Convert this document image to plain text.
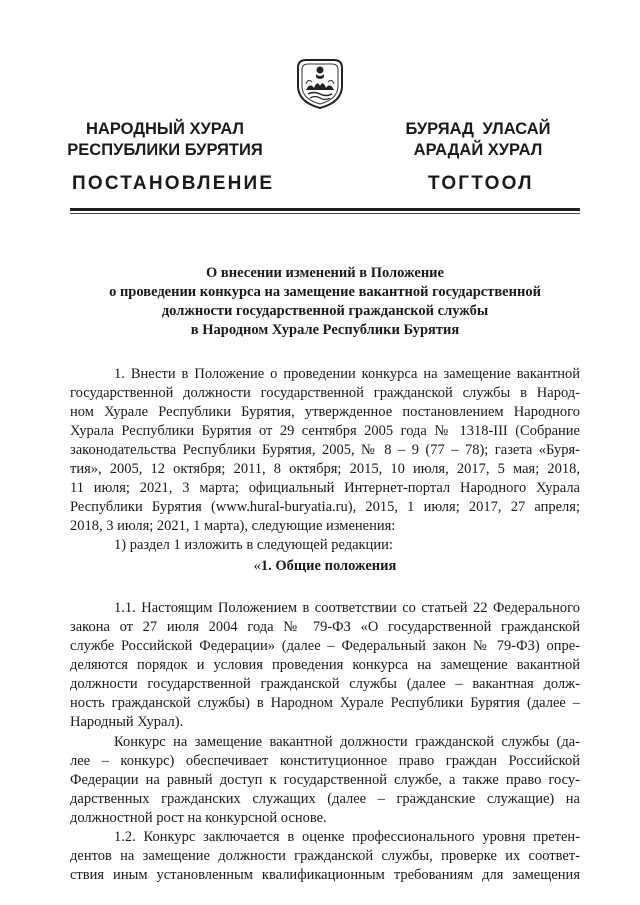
НАРОДНЫЙ ХУРАЛ
РЕСПУБЛИКИ БУРЯТИЯ
БУРЯАД УЛАСАЙ
АРАДАЙ ХУРАЛ
ПОСТАНОВЛЕНИЕ	ТОГТООЛ
О внесении изменений в Положение
о проведении конкурса на замещение вакантной государственной
должности государственной гражданской службы
в Народном Хурале Республики Бурятия
1. Внести в Положение о проведении конкурса на замещение вакантной
государственной должности государственной гражданской службы в Народ-
ном Хурале Республики Бурятия, утвержденное постановлением Народного
Хурала Республики Бурятия от 29 сентября 2005 года № 1318-III (Собрание
законодательства Республики Бурятия, 2005, № 8 – 9 (77 – 78); газета «Буря-
тия», 2005, 12 октября; 2011, 8 октября; 2015, 10 июля, 2017, 5 мая; 2018,
11 июля; 2021, 3 марта; официальный Интернет-портал Народного Хурала
Республики Бурятия (www.hural-buryatia.ru), 2015, 1 июля; 2017, 27 апреля;
2018, 3 июля; 2021, 1 марта), следующие изменения:
1) раздел 1 изложить в следующей редакции:
«1. Общие положения
1.1. Настоящим Положением в соответствии со статьей 22 Федерального
закона от 27 июля 2004 года № 79-ФЗ «О государственной гражданской
службе Российской Федерации» (далее – Федеральный закон № 79-ФЗ) опре-
деляются порядок и условия проведения конкурса на замещение вакантной
должности государственной гражданской службы (далее – вакантная долж-
ность гражданской службы) в Народном Хурале Республики Бурятия (далее –
Народный Хурал).
Конкурс на замещение вакантной должности гражданской службы (да-
лее – конкурс) обеспечивает конституционное право граждан Российской
Федерации на равный доступ к государственной службе, а также право госу-
дарственных гражданских служащих (далее – гражданские служащие) на
должностной рост на конкурсной основе.
1.2. Конкурс заключается в оценке профессионального уровня претен-
дентов на замещение должности гражданской службы, проверке их соответ-
ствия иным установленным квалификационным требованиям для замещения
